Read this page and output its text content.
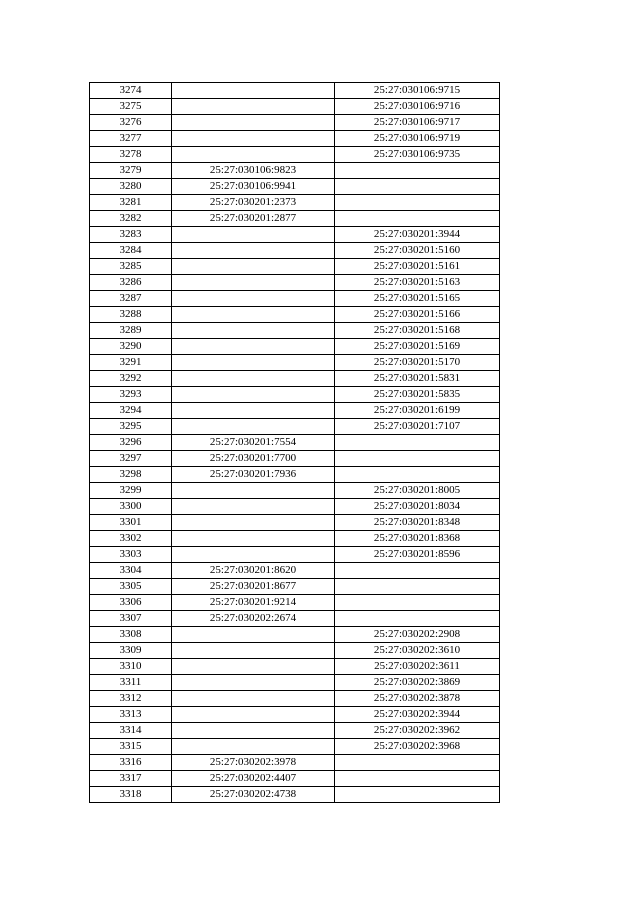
3274		25:27:030106:9715
3275		25:27:030106:9716
3276		25:27:030106:9717
3277		25:27:030106:9719
3278		25:27:030106:9735
3279	25:27:030106:9823	
3280	25:27:030106:9941	
3281	25:27:030201:2373	
3282	25:27:030201:2877	
3283		25:27:030201:3944
3284		25:27:030201:5160
3285		25:27:030201:5161
3286		25:27:030201:5163
3287		25:27:030201:5165
3288		25:27:030201:5166
3289		25:27:030201:5168
3290		25:27:030201:5169
3291		25:27:030201:5170
3292		25:27:030201:5831
3293		25:27:030201:5835
3294		25:27:030201:6199
3295		25:27:030201:7107
3296	25:27:030201:7554	
3297	25:27:030201:7700	
3298	25:27:030201:7936	
3299		25:27:030201:8005
3300		25:27:030201:8034
3301		25:27:030201:8348
3302		25:27:030201:8368
3303		25:27:030201:8596
3304	25:27:030201:8620	
3305	25:27:030201:8677	
3306	25:27:030201:9214	
3307	25:27:030202:2674	
3308		25:27:030202:2908
3309		25:27:030202:3610
3310		25:27:030202:3611
3311		25:27:030202:3869
3312		25:27:030202:3878
3313		25:27:030202:3944
3314		25:27:030202:3962
3315		25:27:030202:3968
3316	25:27:030202:3978	
3317	25:27:030202:4407	
3318	25:27:030202:4738	
